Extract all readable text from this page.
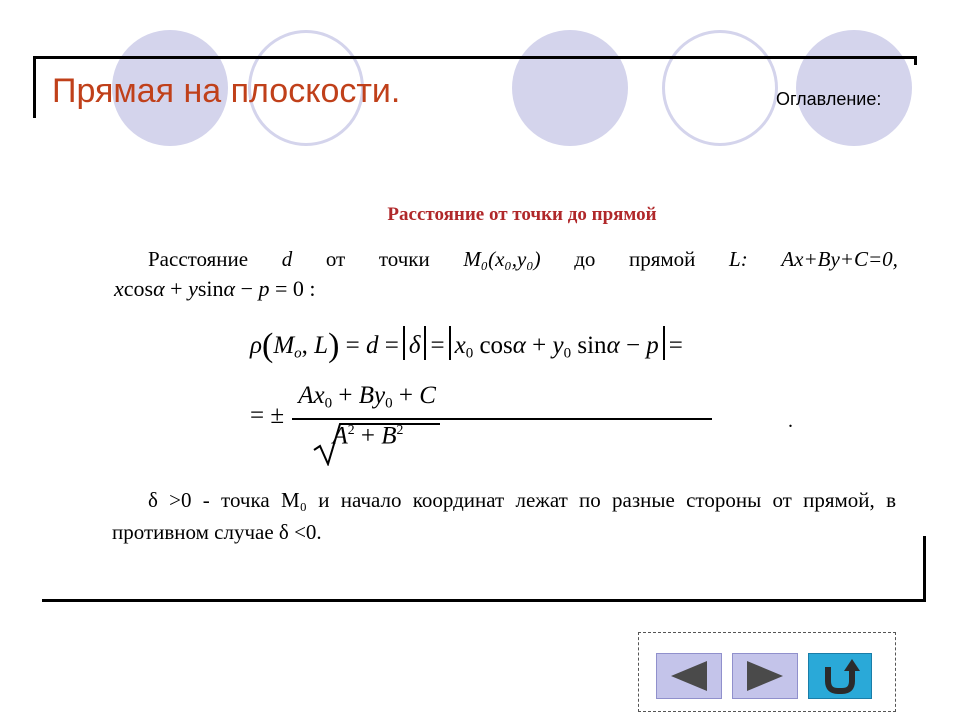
Прямая на плоскости.	Оглавление:
Расстояние от точки до прямой
Расстояние d от точки M₀(x₀,y₀) до прямой L: Ax+By+C=0,
xcosα + ysinα − p = 0 :
$\rho(M_o$, $L) = d = \delta = x_0$ $\cos\alpha + y_0$ sinα − p =
= ±
$Ax_0 + By_0 + C$
$A^2 + B^2$	.
δ >0 - точка M₀ и начало координат лежат по разные стороны от прямой, в противном случае δ <0.
